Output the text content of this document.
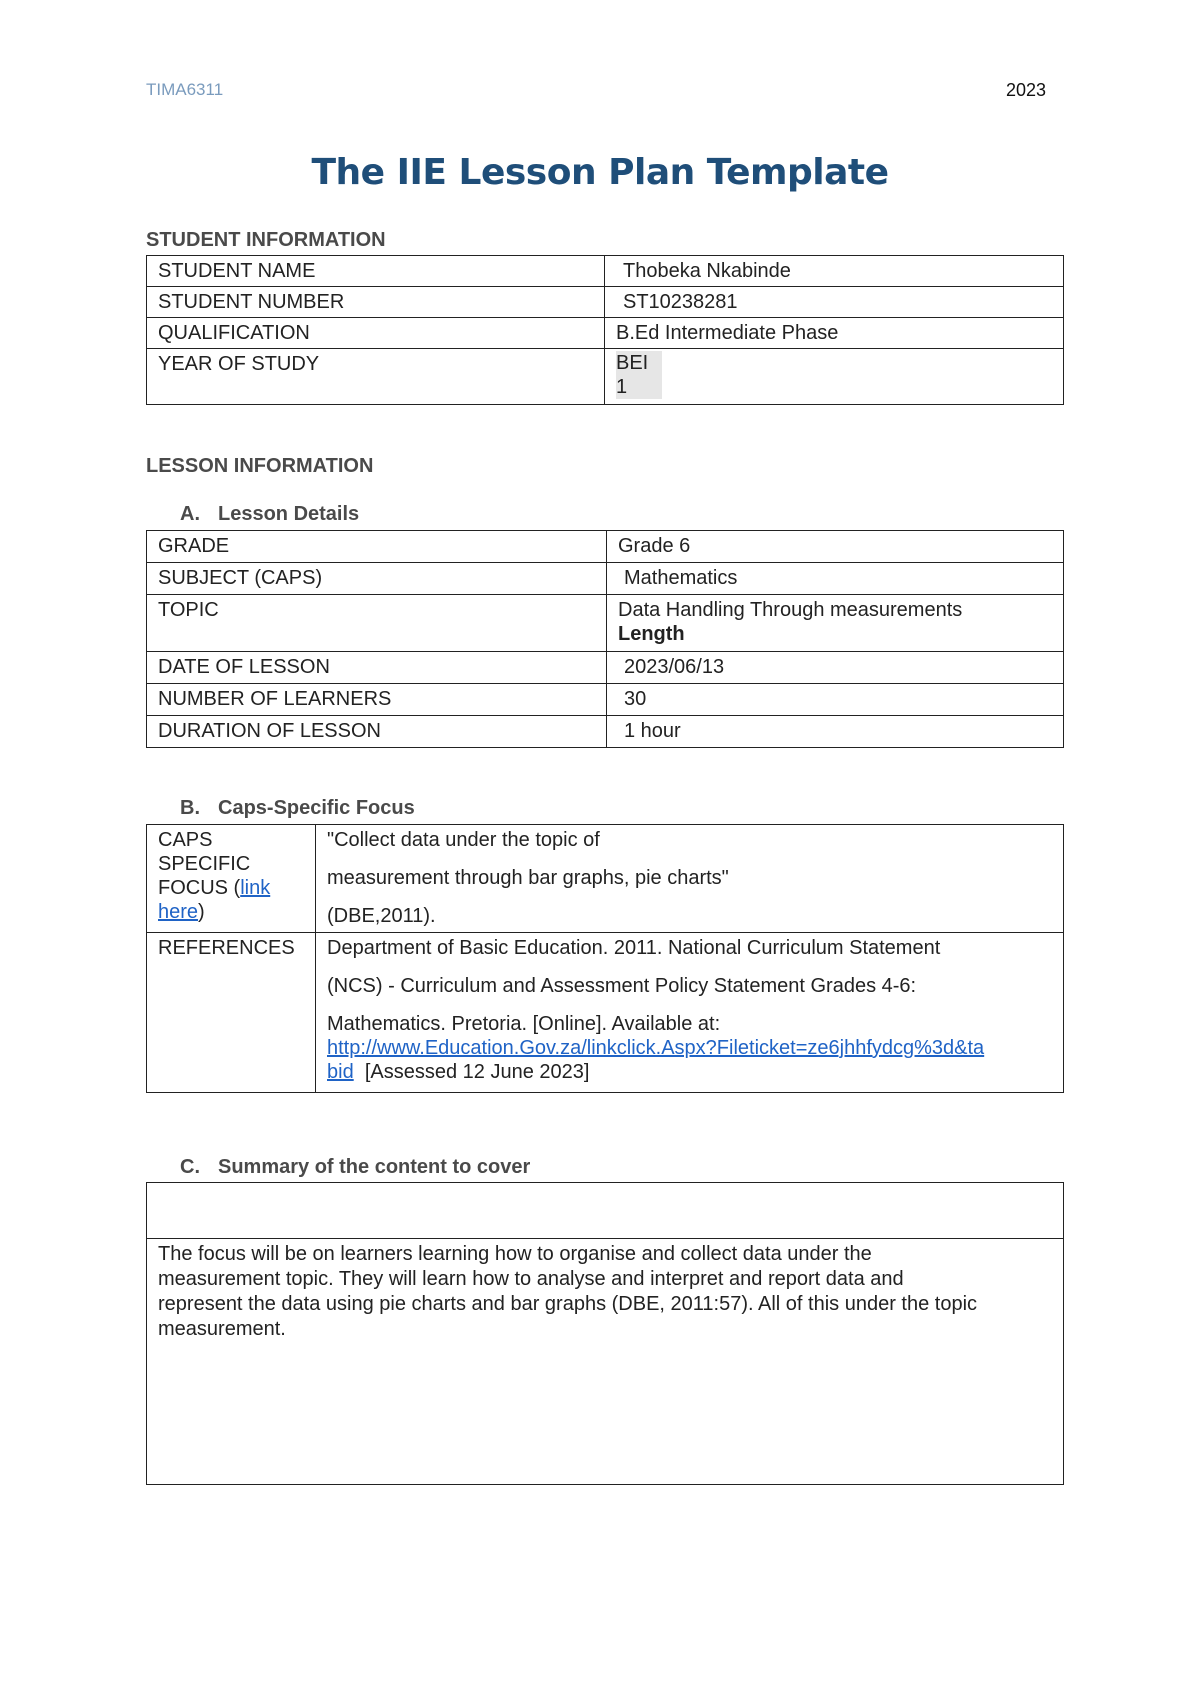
TIMA6311	2023
The IIE Lesson Plan Template
STUDENT INFORMATION
STUDENT NAME	Thobeka Nkabinde
STUDENT NUMBER	ST10238281
QUALIFICATION	B.Ed Intermediate Phase
YEAR OF STUDY	BEI
1
LESSON INFORMATION
A. Lesson Details
GRADE	Grade 6
SUBJECT (CAPS)	Mathematics
TOPIC	Data Handling Through measurements
Length
DATE OF LESSON	2023/06/13
NUMBER OF LEARNERS	30
DURATION OF LESSON	1 hour
B. Caps-Specific Focus
CAPS SPECIFIC FOCUS (link here)	"Collect data under the topic of

measurement through bar graphs, pie charts"

(DBE,2011).

REFERENCES	Department of Basic Education. 2011. National Curriculum Statement

(NCS) - Curriculum and Assessment Policy Statement Grades 4-6:

Mathematics. Pretoria. [Online]. Available at:

http://www.Education.Gov.za/linkclick.Aspx?Fileticket=ze6jhhfydcg%3d&ta bid [Assessed 12 June 2023]
C. Summary of the content to cover

The focus will be on learners learning how to organise and collect data under the measurement topic. They will learn how to analyse and interpret and report data and represent the data using pie charts and bar graphs (DBE, 2011:57). All of this under the topic measurement.
